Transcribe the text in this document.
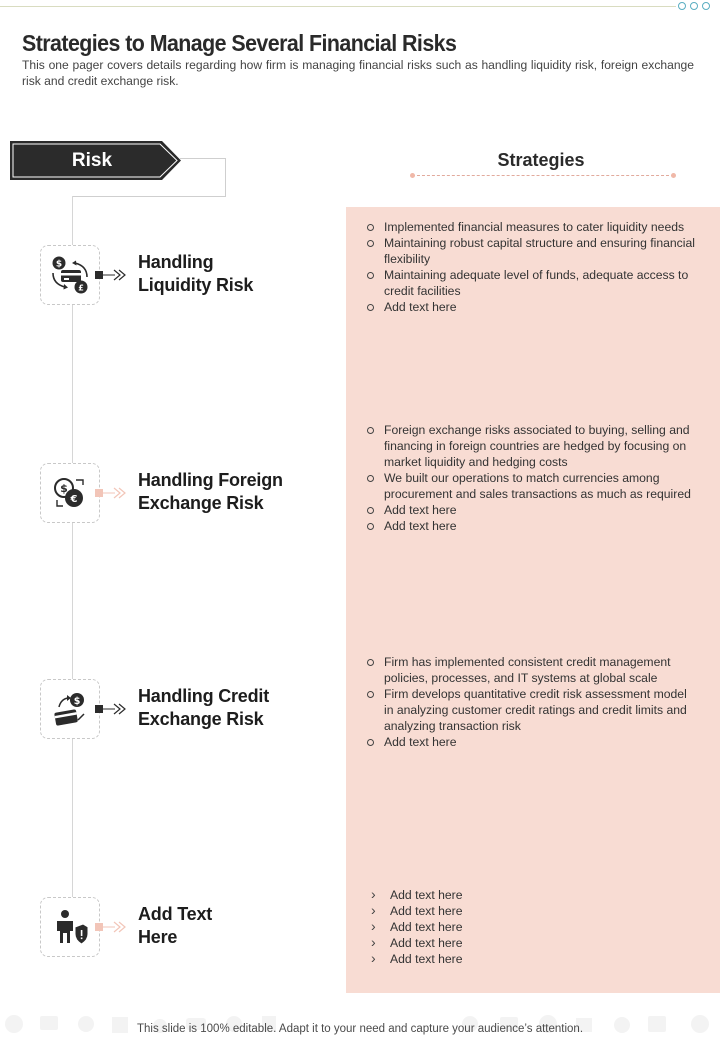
Strategies to Manage Several Financial Risks

This one pager covers details regarding how firm is managing financial risks such as handling liquidity risk, foreign exchange risk and credit exchange risk.

Risk	Strategies
$
£
Handling
Liquidity Risk
Implemented financial measures to cater liquidity needs
Maintaining robust capital structure and ensuring financial flexibility
Maintaining adequate level of funds, adequate access to credit facilities
Add text here
$
€
Handling Foreign
Exchange Risk
Foreign exchange risks associated to buying, selling and financing in foreign countries are hedged by focusing on market liquidity and hedging costs
We built our operations to match currencies among procurement and sales transactions as much as required
Add text here
Add text here
$	Handling Credit
Exchange Risk
Firm has implemented consistent credit management policies, processes, and IT systems at global scale
Firm develops quantitative credit risk assessment model in analyzing customer credit ratings and credit limits and analyzing transaction risk
Add text here
Add Text
Here
› Add text here
› Add text here
› Add text here
› Add text here
› Add text here
This slide is 100% editable. Adapt it to your need and capture your audience’s attention.
